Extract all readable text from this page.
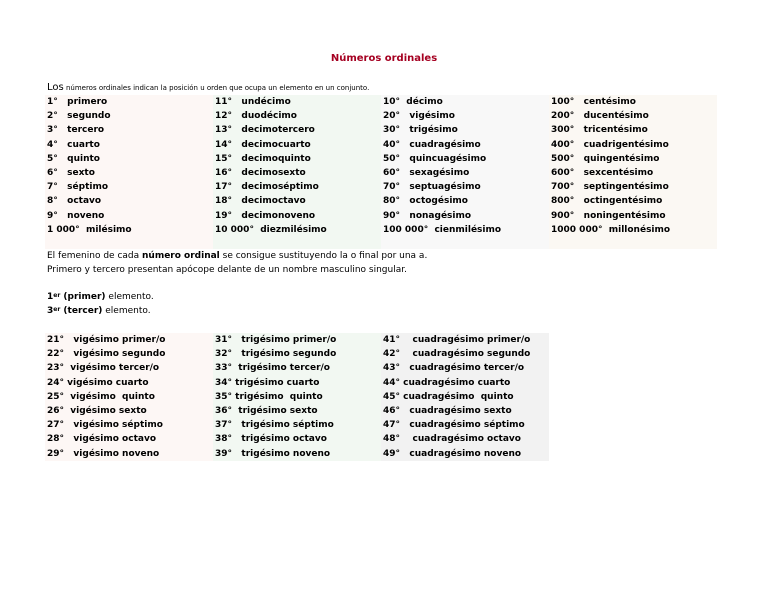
Números ordinales
Los números ordinales indican la posición u orden que ocupa un elemento en un conjunto.
1°   primero
2°   segundo
3°   tercero
4°   cuarto
5°   quinto
6°   sexto
7°   séptimo
8°   octavo
9°   noveno
1 000°  milésimo
11°   undécimo
12°   duodécimo
13°   decimotercero
14°   decimocuarto
15°   decimoquinto
16°   decimosexto
17°   decimoséptimo
18°   decimoctavo
19°   decimonoveno
10 000°  diezmilésimo
10°  décimo
20°   vigésimo
30°   trigésimo
40°   cuadragésimo
50°   quincuagésimo
60°   sexagésimo
70°   septuagésimo
80°   octogésimo
90°   nonagésimo
100 000°  cienmilésimo
100°   centésimo
200°   ducentésimo
300°   tricentésimo
400°   cuadrigentésimo
500°   quingentésimo
600°   sexcentésimo
700°   septingentésimo
800°   octingentésimo
900°   noningentésimo
1000 000°  millonésimo
El femenino de cada número ordinal se consigue sustituyendo la o final por una a.
Primero y tercero presentan apócope delante de un nombre masculino singular.
1er (primer) elemento.
3er (tercer) elemento.
21°   vigésimo primer/o
22°   vigésimo segundo
23°  vigésimo tercer/o
24° vigésimo cuarto
25°  vigésimo  quinto
26°  vigésimo sexto
27°   vigésimo séptimo
28°   vigésimo octavo
29°   vigésimo noveno
31°   trigésimo primer/o
32°   trigésimo segundo
33°  trigésimo tercer/o
34° trigésimo cuarto
35° trigésimo  quinto
36°  trigésimo sexto
37°   trigésimo séptimo
38°   trigésimo octavo
39°   trigésimo noveno
41°    cuadragésimo primer/o
42°    cuadragésimo segundo
43°   cuadragésimo tercer/o
44° cuadragésimo cuarto
45° cuadragésimo  quinto
46°   cuadragésimo sexto
47°   cuadragésimo séptimo
48°    cuadragésimo octavo
49°   cuadragésimo noveno
